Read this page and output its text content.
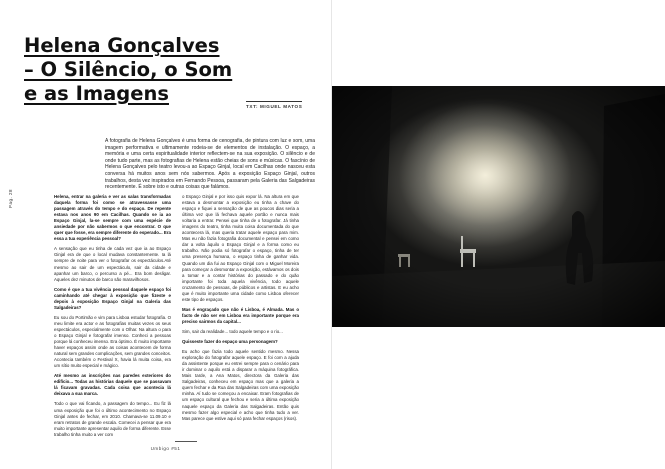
Helena Gonçalves
– O Silêncio, o Som
e as Imagens
TXT: MIGUEL MATOS
A fotografia de Helena Gonçalves é uma forma de cenografia, de pintura com luz e som, uma imagem performativa e ultimamente rodeia-se de elementos de instalação. O espaço, a memória e uma certa espiritualidade interior reflectem-se na sua exposição. O silêncio e de onde tudo parte, mas as fotografias de Helena estão cheias de sons e músicas. O fascínio de Helena Gonçalves pelo teatro levou-a ao Espaço Ginjal, local em Cacilhas onde nasceu esta conversa há muitos anos sem nós sabermos. Após a exposição Espaço Ginjal, outros trabalhos, desta vez inspirados em Fernando Pessoa, passaram pela Galeria das Salgadeiras recentemente. É sobre isto e outras coisas que falámos.
Pag. 28	Helena, entrar na galeria e ver as salas transformadas daquela forma foi como se atravessasse uma passagem através do tempo e do espaço. De repente estava nos anos 90 em Cacilhas. Quando se ia ao Espaço Ginjal, la-se sempre com uma espécie de ansiedade por não sabermos o que encontrar. O que quer que fosse, era sempre diferente do esperado... Era essa a tua experiência pessoal?

A sensação que eu tinha de cada vez que ia ao Espaço Ginjal era de que o local mudava constantemente. Ia lá sempre de noite para ver o fotografar os espectáculos.Até mesmo ao sair de um espectáculo, sair da cidade e apanhar um barco, o percurso a pé... Era bom desligar. Aqueles dez minutos de barco são maravilhosos.

Como é que a tua vivência pessoal daquele espaço foi caminhando até chegar à exposição que fizeste e depois à exposição Espaço Ginjal na Galeria das Salgadeiras?

Eu sou do Portimão e vim para Lisboa estudar fotografia. O meu limite era actor e as fotografias muitas vezes os seus espectáculos, especialmente com o Olhar. Na altura o para o Espaço Ginjal e fotografar imenso. Conheci a pessoas porque lá conheceu imenso. Era óptimo. É muito importante haver espaços assim onde as coisas acontecem de forma natural sem grandes complicações, sem grandes conceitos. Acontecia também o Festival X, havia lá muita coisa, era um sítio muito especial e mágico.

Até mesmo as inscrições nas paredes exteriores do edifício... Todas as histórias daquele que se passavam lá ficavam gravadas. Cada coisa que acontecia lá deixava a sua marca.

Todo o que vai ficando, a passagem do tempo... Eu fiz lá uma exposição que foi o último acontecimento no Espaço Ginjal antes de fechar, em 2010. Chamava-se 11.09.10 e eram retratos de grande escala. Comecei a pensar que era muito importante apresentar aquilo de forma diferente. Esse trabalho tinha muito a ver com

o Espaço Ginjal e por isso quis expor lá. Na altura em que estava a desmontar a exposição eu tinha a chave do espaço e fiquei a sensação de que as poucos dias seria a última vez que lá fechava aquele portão e nunca mais voltaria a entrar. Pensei que tinha de o fotografar. Já tinha imagens do teatro, tinha muita coisa documentada do que acontecera lá, mas queria tratar aquele espaço para mim. Mas eu não fazia fotografia documental e pensei em como dar a volta àquilo o Espaço Ginjal e a forma como eu trabalho. Não podia só fotografar o espaço, tinha de ter uma presença humana, o espaço tinha de ganhar vida. Quando um dia fui ao Espaço Ginjal com o Miguel Moreira para começar a desmontar a exposição, estávamos os dois a tomar e a contar histórias do passado e do quão importante foi toda aquela vivência, todo aquele cruzamento de pessoas, de públicos e artistas. E eu acho que é muito importante uma cidade como Lisboa oferecer este tipo de espaços.

Mas é engraçado que não é Lisboa, é Almada. Mas o facto de não ser em Lisboa era importante porque era preciso sairmos da capital...

Sim, sair da realidade... todo aquele tempo e o rio...

Quisseste fazer do espaço uma personagem?

Eu acho que fazia todo aquele sentido mesmo. Nessa exploração do fotografar aquele espaço. E foi com a ajuda da assistente porque eu entrei sempre para o cenário para ir dominar o aquilo está a disparar a máquina fotográfica. Mais tarde, a Ana Matos, directora da Galeria das Salgadeiras, conheceu em espaço mas que a galeria a quem fechar e da Rua das Salgadeiras com uma exposição minha. Aí tudo se começou a encaixar. Eram fotografias de um espaço cultural que fechou e seria a última exposição naquele espaço da Galeria das Salgadeiras. Então quis mesmo fazer algo especial e acho que tinha tudo a ver. Mas parece que estive aqui só para fechar espaços (risos).

Umbigo #51
